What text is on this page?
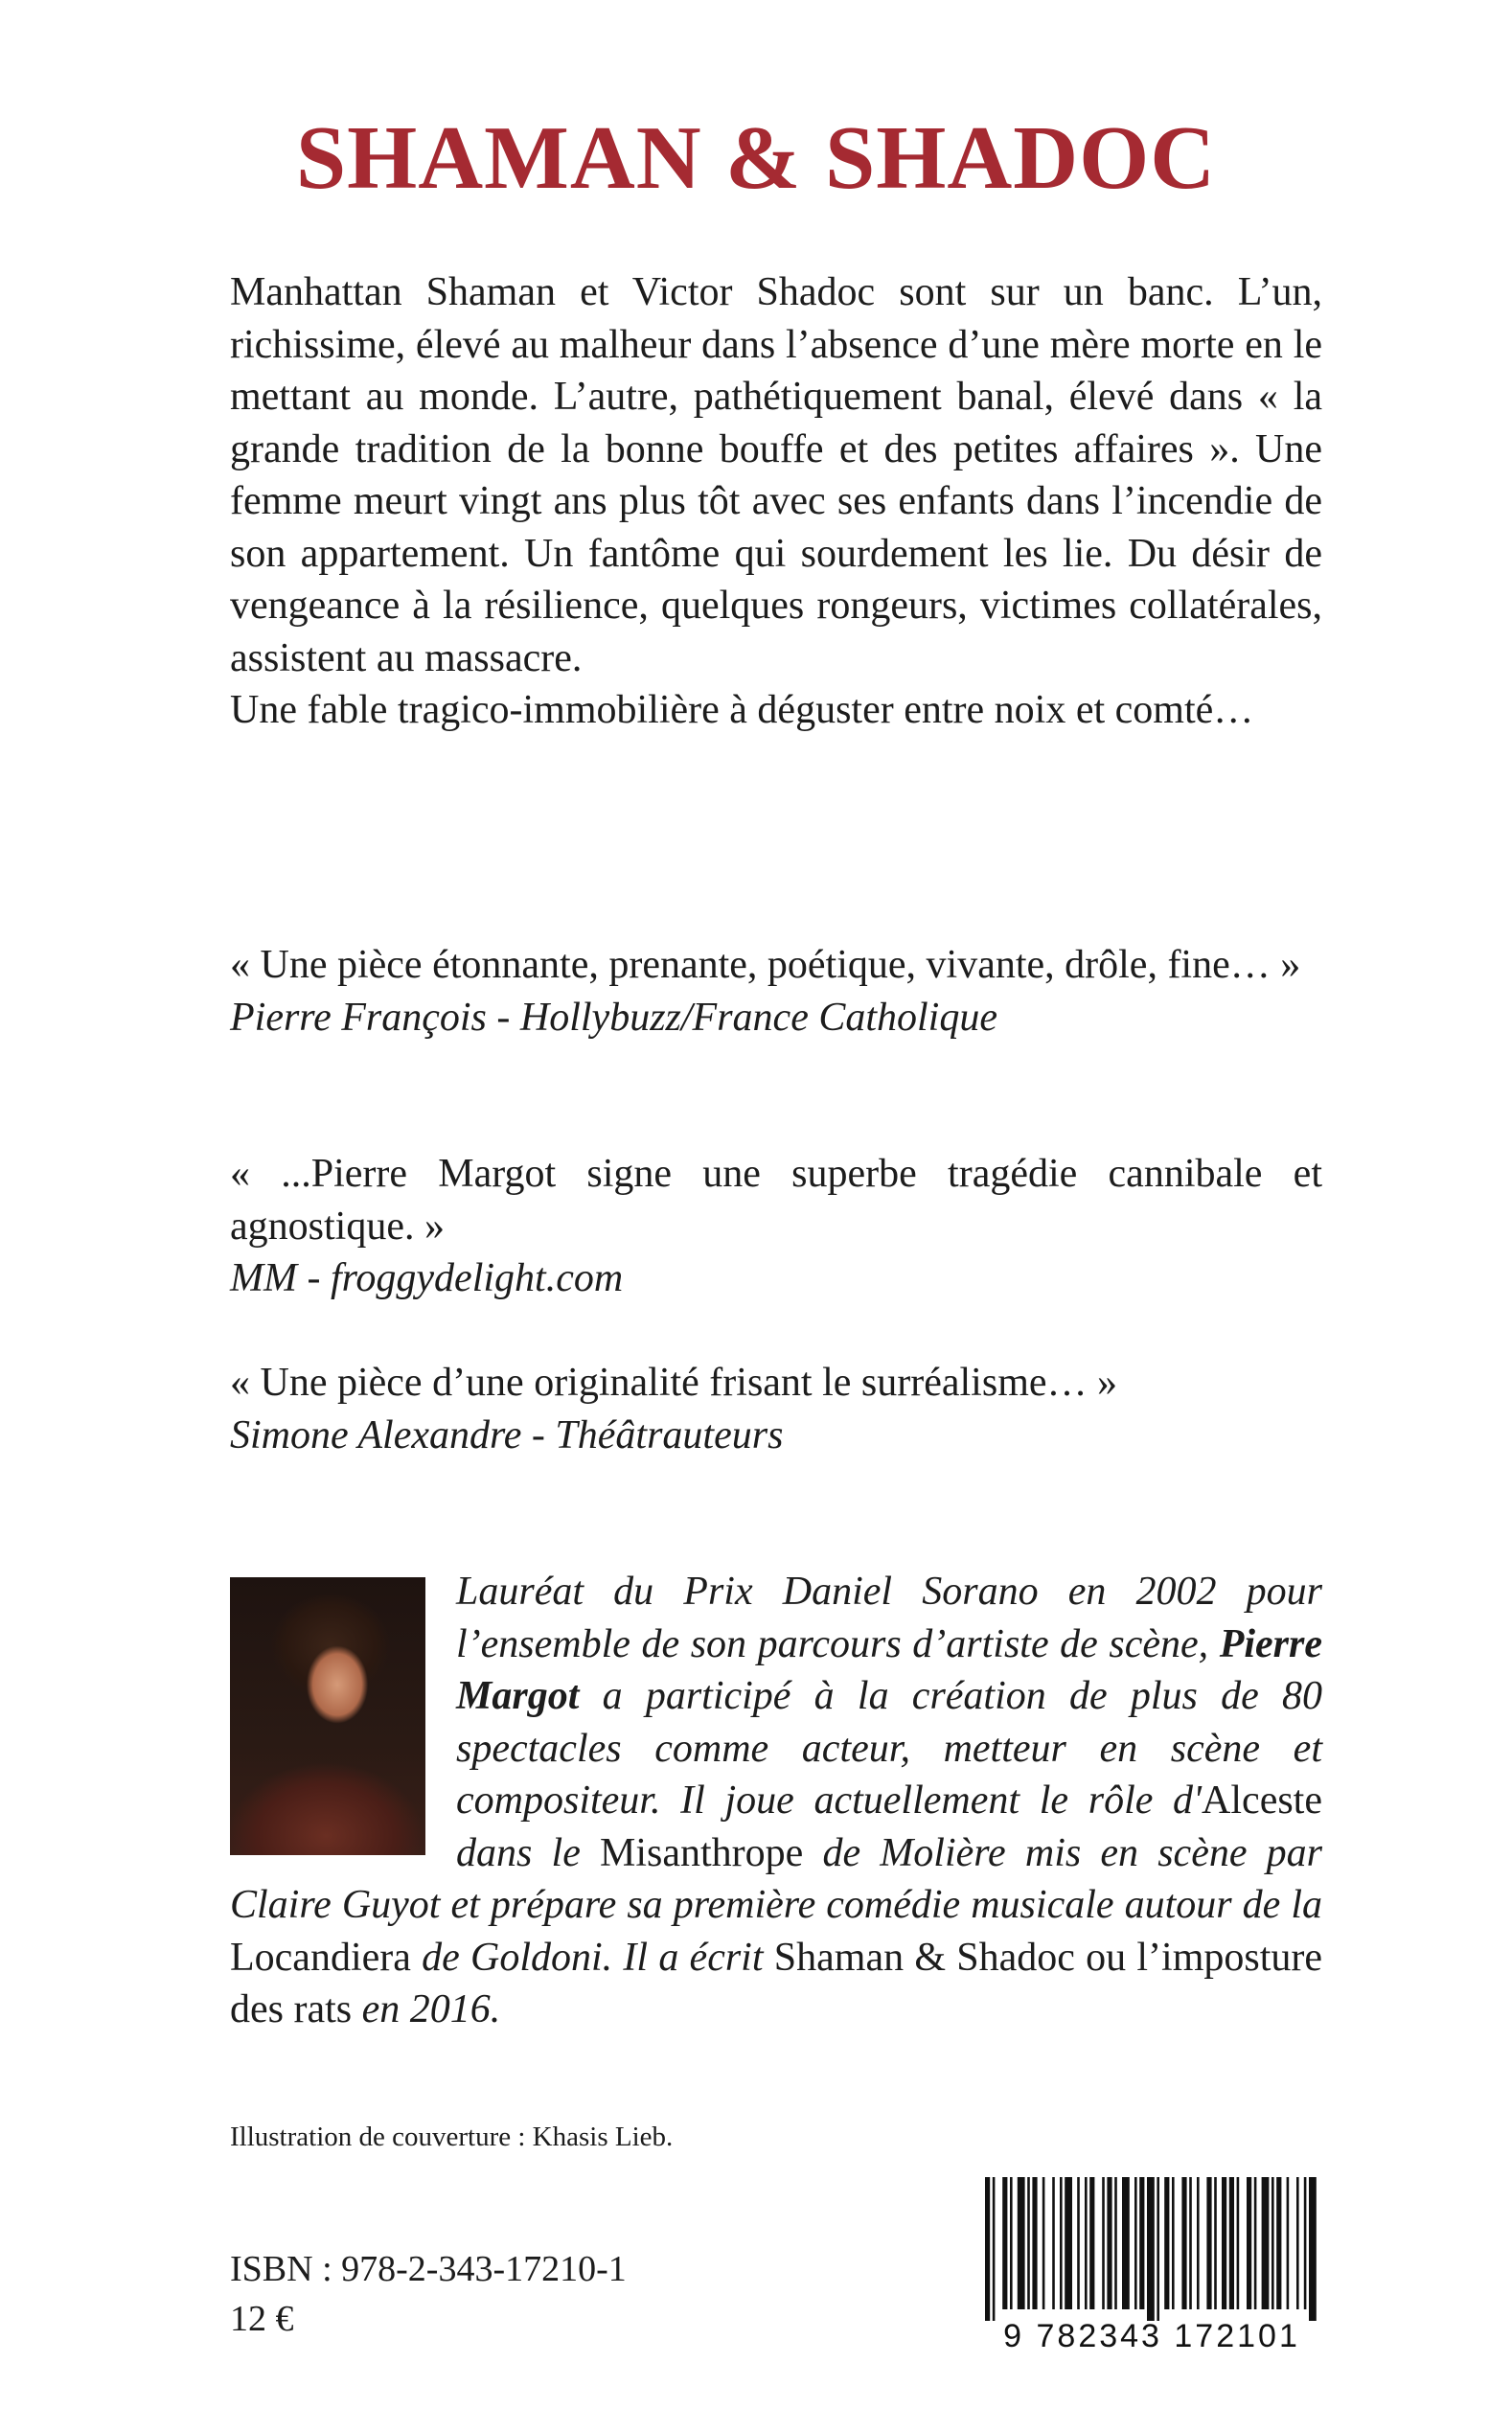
SHAMAN & SHADOC

Manhattan Shaman et Victor Shadoc sont sur un banc. L’un, richissime, élevé au malheur dans l’absence d’une mère morte en le mettant au monde. L’autre, pathétiquement banal, élevé dans « la grande tradition de la bonne bouffe et des petites affaires ». Une femme meurt vingt ans plus tôt avec ses enfants dans l’incendie de son appartement. Un fantôme qui sourdement les lie. Du désir de vengeance à la résilience, quelques rongeurs, victimes collatérales, assistent au massacre.

Une fable tragico-immobilière à déguster entre noix et comté…

« Une pièce étonnante, prenante, poétique, vivante, drôle, fine… »

Pierre François - Hollybuzz/France Catholique

« ...Pierre Margot signe une superbe tragédie cannibale et agnostique. »

MM - froggydelight.com

« Une pièce d’une originalité frisant le surréalisme… »

Simone Alexandre - Théâtrauteurs

Lauréat du Prix Daniel Sorano en 2002 pour l’ensemble de son parcours d’artiste de scène, Pierre Margot a participé à la création de plus de 80 spectacles comme acteur, metteur en scène et compositeur. Il joue actuellement le rôle d'Alceste dans le Misanthrope de Molière mis en scène par Claire Guyot et prépare sa première comédie musicale autour de la Locandiera de Goldoni. Il a écrit Shaman & Shadoc ou l’imposture des rats en 2016.

Illustration de couverture : Khasis Lieb.
ISBN : 978-2-343-17210-1
12 €	9 782343 172101
